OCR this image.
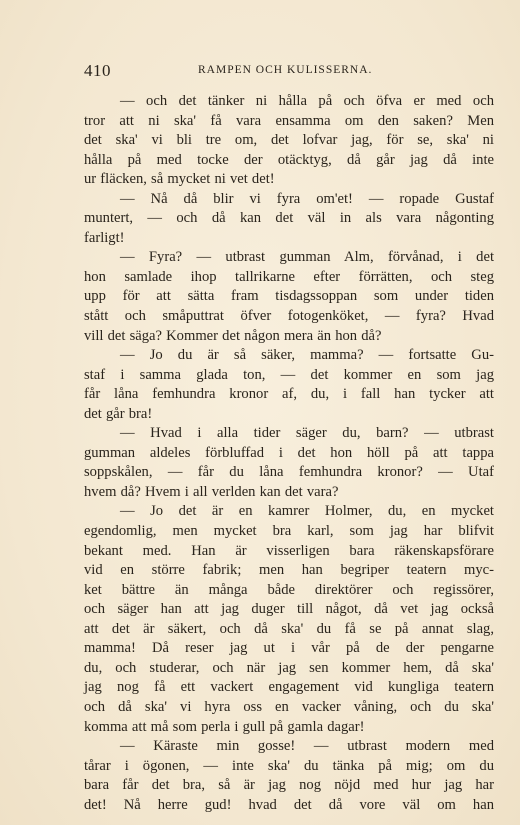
410	RAMPEN OCH KULISSERNA.
— och det tänker ni hålla på och öfva er med och
tror att ni ska' få vara ensamma om den saken? Men
det ska' vi bli tre om, det lofvar jag, för se, ska' ni
hålla på med tocke der otäcktyg, då går jag då inte
ur fläcken, så mycket ni vet det!
— Nå då blir vi fyra om'et! — ropade Gustaf
muntert, — och då kan det väl in als vara någonting
farligt!
— Fyra? — utbrast gumman Alm, förvånad, i det
hon samlade ihop tallrikarne efter förrätten, och steg
upp för att sätta fram tisdagssoppan som under tiden
stått och småputtrat öfver fotogenköket, — fyra? Hvad
vill det säga? Kommer det någon mera än hon då?
— Jo du är så säker, mamma? — fortsatte Gu-
staf i samma glada ton, — det kommer en som jag
får låna femhundra kronor af, du, i fall han tycker att
det går bra!
— Hvad i alla tider säger du, barn? — utbrast
gumman aldeles förbluffad i det hon höll på att tappa
soppskålen, — får du låna femhundra kronor? — Utaf
hvem då? Hvem i all verlden kan det vara?
— Jo det är en kamrer Holmer, du, en mycket
egendomlig, men mycket bra karl, som jag har blifvit
bekant med. Han är visserligen bara räkenskapsförare
vid en större fabrik; men han begriper teatern myc-
ket bättre än många både direktörer och regissörer,
och säger han att jag duger till något, då vet jag också
att det är säkert, och då ska' du få se på annat slag,
mamma! Då reser jag ut i vår på de der pengarne
du, och studerar, och när jag sen kommer hem, då ska'
jag nog få ett vackert engagement vid kungliga teatern
och då ska' vi hyra oss en vacker våning, och du ska'
komma att må som perla i gull på gamla dagar!
— Käraste min gosse! — utbrast modern med
tårar i ögonen, — inte ska' du tänka på mig; om du
bara får det bra, så är jag nog nöjd med hur jag har
det! Nå herre gud! hvad det då vore väl om han
